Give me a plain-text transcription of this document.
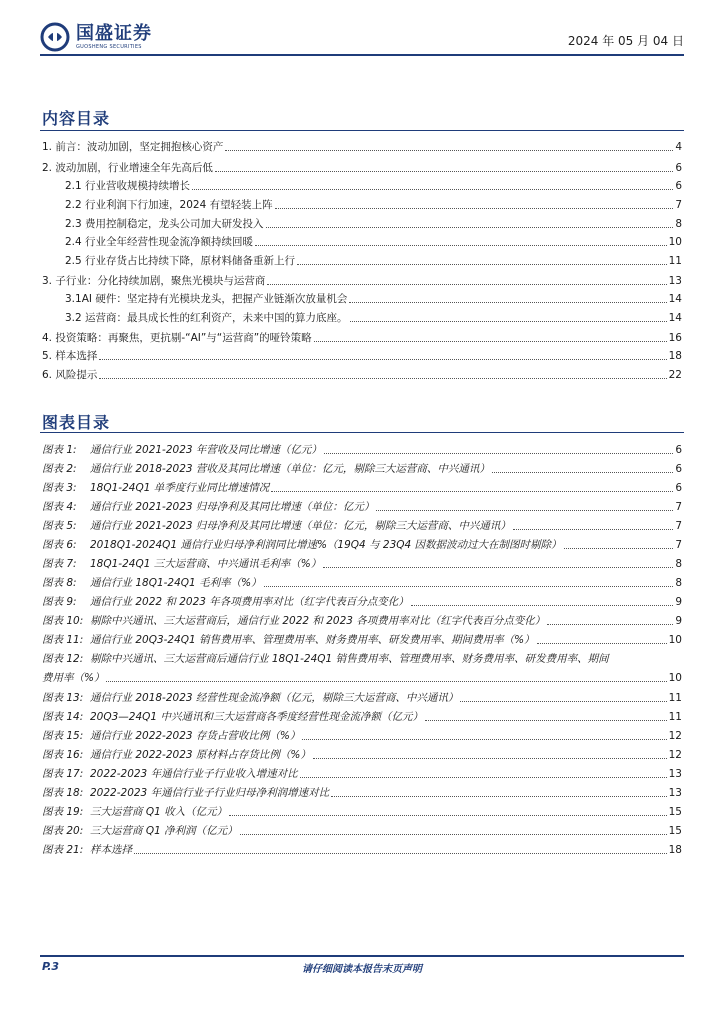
国盛证券
GUOSHENG SECURITIES	2024 年 05 月 04 日
内容目录
1. 前言：波动加剧，坚定拥抱核心资产	4
2. 波动加剧，行业增速全年先高后低	6
2.1 行业营收规模持续增长	6
2.2 行业利润下行加速，2024 有望轻装上阵	7
2.3 费用控制稳定，龙头公司加大研发投入	8
2.4 行业全年经营性现金流净额持续回暖	10
2.5 行业存货占比持续下降，原材料储备重新上行	11
3. 子行业：分化持续加剧，聚焦光模块与运营商	13
3.1AI 硬件：坚定持有光模块龙头，把握产业链渐次放量机会	14
3.2 运营商：最具成长性的红利资产，未来中国的算力底座。	14
4. 投资策略：再聚焦，更抗剔-“AI”与“运营商”的哑铃策略	16
5. 样本选择	18
6. 风险提示	22
图表目录
图表 1: 通信行业 2021-2023 年营收及同比增速（亿元）	6
图表 2: 通信行业 2018-2023 营收及其同比增速（单位：亿元，剔除三大运营商、中兴通讯）	6
图表 3: 18Q1-24Q1 单季度行业同比增速情况	6
图表 4: 通信行业 2021-2023 归母净利及其同比增速（单位：亿元）	7
图表 5: 通信行业 2021-2023 归母净利及其同比增速（单位：亿元，剔除三大运营商、中兴通讯）	7
图表 6: 2018Q1-2024Q1 通信行业归母净利润同比增速%（19Q4 与 23Q4 因数据波动过大在制图时剔除）	7
图表 7: 18Q1-24Q1 三大运营商、中兴通讯毛利率（%）	8
图表 8: 通信行业 18Q1-24Q1 毛利率（%）	8
图表 9: 通信行业 2022 和 2023 年各项费用率对比（红字代表百分点变化）	9
图表 10: 剔除中兴通讯、三大运营商后，通信行业 2022 和 2023 各项费用率对比（红字代表百分点变化）	9
图表 11: 通信行业 20Q3-24Q1 销售费用率、管理费用率、财务费用率、研发费用率、期间费用率（%）	10
图表 12: 剔除中兴通讯、三大运营商后通信行业 18Q1-24Q1 销售费用率、管理费用率、财务费用率、研发费用率、期间
费用率（%）	10
图表 13: 通信行业 2018-2023 经营性现金流净额（亿元，剔除三大运营商、中兴通讯）	11
图表 14: 20Q3—24Q1 中兴通讯和三大运营商各季度经营性现金流净额（亿元）	11
图表 15: 通信行业 2022-2023 存货占营收比例（%）	12
图表 16: 通信行业 2022-2023 原材料占存货比例（%）	12
图表 17: 2022-2023 年通信行业子行业收入增速对比	13
图表 18: 2022-2023 年通信行业子行业归母净利润增速对比	13
图表 19: 三大运营商 Q1 收入（亿元）	15
图表 20: 三大运营商 Q1 净利润（亿元）	15
图表 21: 样本选择	18
请仔细阅读本报告末页声明
P.3
